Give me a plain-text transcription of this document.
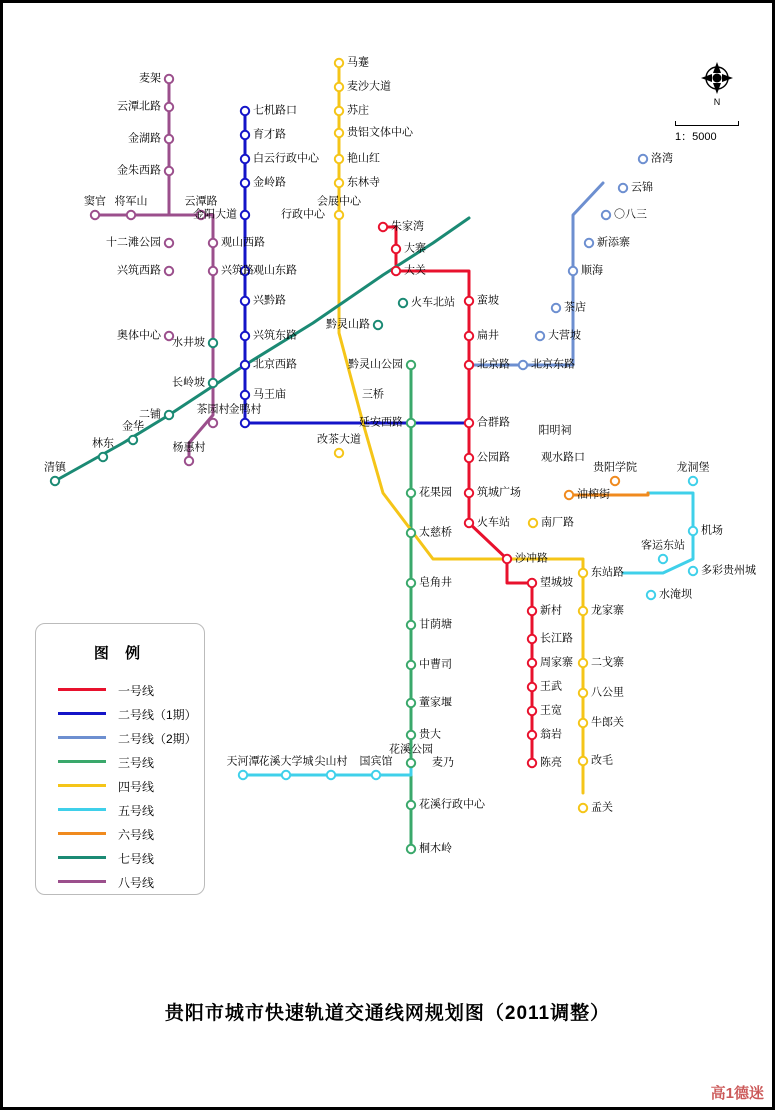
N
1：5000
图 例
一号线
二号线（1期）
二号线（2期）
三号线
四号线
五号线
六号线
七号线
八号线
贵阳市城市快速轨道交通线网规划图（2011调整）
高1德迷
朱家湾
大寨
大关
蛮坡
扁井
北京路
合群路
公园路
筑城广场
火车站
沙冲路
望城坡
新村
长江路
周家寨
王武
王宽
翁岩
陈亮
七机路口
育才路
白云行政中心
金岭路
金阳大道
观山东路
兴黔路
兴筑东路
北京西路
马王庙
金鸭村
北京东路
大营坡
茶店
顺海
新添寨
〇八三
云锦
洛湾
黔灵山公园
延安西路
花果园
太慈桥
皂角井
甘荫塘
中曹司
蕫家堰
贵大
花溪公园
花溪行政中心
桐木岭
马蹇
麦沙大道
苏庄
贵铝文体中心
艳山红
东林寺
会展中心
改茶大道
南厂路
东站路
龙家寨
二戈寨
八公里
牛郎关
改毛
孟关
天河潭 花溪大学城 尖山村 国宾馆
龙洞堡
机场
多彩贵州城
客运东站
水淹坝
油榨街
贵阳学院
清镇
林东
金华
二铺
长岭坡
水井坡
黔灵山路
火车北站
麦架
云潭北路
金湖路
金朱西路
窦官 将军山	云潭路
十二滩公园	观山西路
兴筑西路	兴筑路
奥体中心
杨惠村
茶园村
行政中心
三桥
观水路口
阳明祠
麦乃
